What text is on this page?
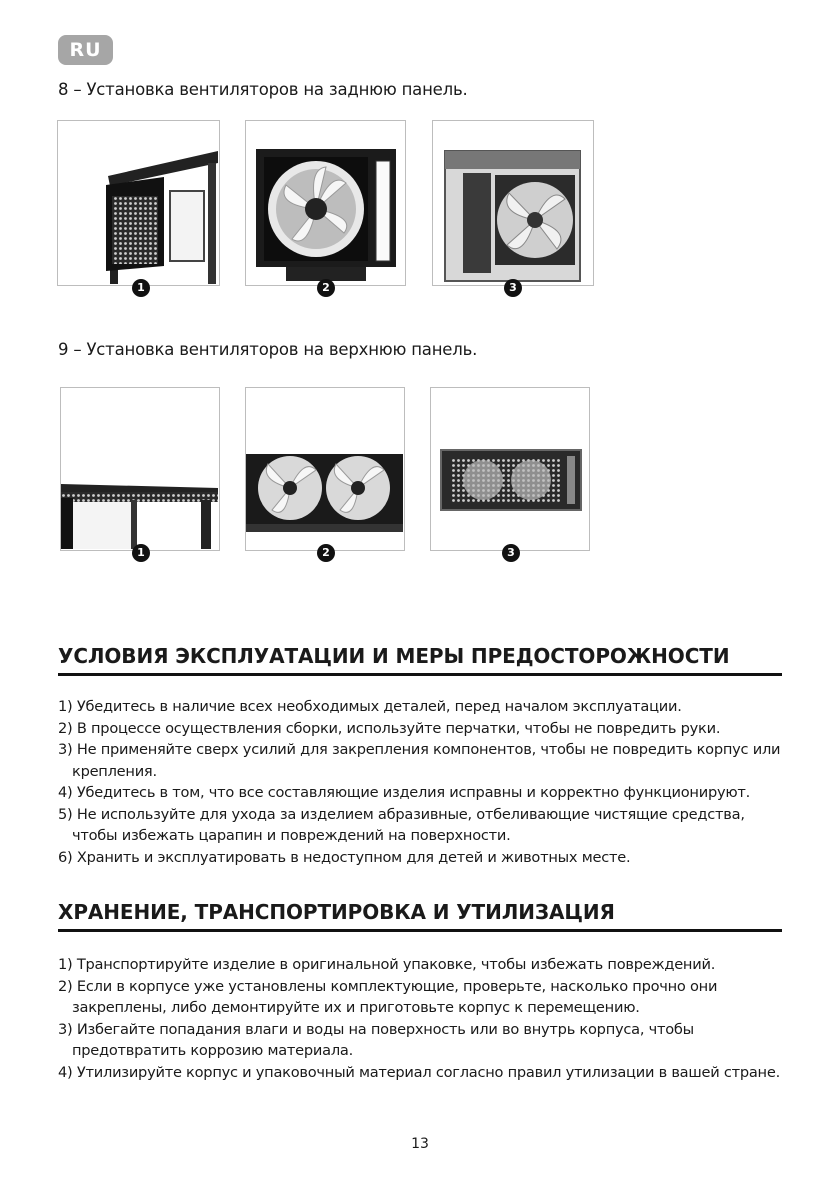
RU
8 – Установка вентиляторов на заднюю панель.
1	2	3
9 – Установка вентиляторов на верхнюю панель.
1	2	3
УСЛОВИЯ ЭКСПЛУАТАЦИИ И МЕРЫ ПРЕДОСТОРОЖНОСТИ
1) Убедитесь в наличие всех необходимых деталей, перед началом эксплуатации.
2) В процессе осуществления сборки, используйте перчатки, чтобы не повредить руки.
3) Не применяйте сверх усилий для закрепления компонентов, чтобы не повредить корпус или крепления.
4) Убедитесь в том, что все составляющие изделия исправны и корректно функционируют.
5) Не используйте для ухода за изделием абразивные, отбеливающие чистящие средства, чтобы избежать царапин и повреждений на поверхности.
6) Хранить и эксплуатировать в недоступном для детей и животных месте.
ХРАНЕНИЕ, ТРАНСПОРТИРОВКА И УТИЛИЗАЦИЯ
1) Транспортируйте изделие в оригинальной упаковке, чтобы избежать повреждений.
2) Если в корпусе уже установлены комплектующие, проверьте, насколько прочно они закреплены, либо демонтируйте их и приготовьте корпус к перемещению.
3) Избегайте попадания влаги и воды на поверхность или во внутрь корпуса, чтобы предотвратить коррозию материала.
4) Утилизируйте корпус и упаковочный материал согласно правил утилизации в вашей стране.
13
